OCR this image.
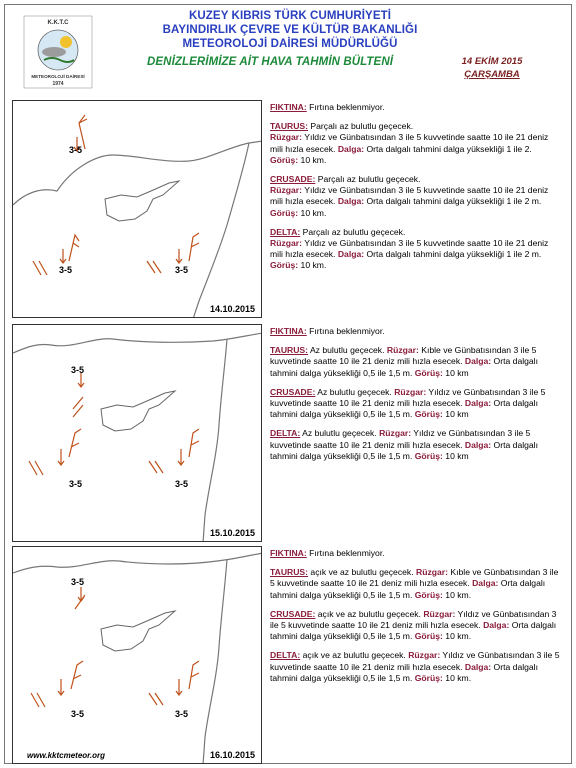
K.K.T.C
METEOROLOJİ DAİRESİ
1974
KUZEY KIBRIS TÜRK CUMHURİYETİ
BAYINDIRLIK ÇEVRE VE KÜLTÜR BAKANLIĞI
METEOROLOJİ DAİRESİ MÜDÜRLÜĞÜ
DENİZLERİMİZE AİT HAVA TAHMİN BÜLTENİ	14 EKİM 2015
ÇARŞAMBA
3-5
3-5	3-5
14.10.2015
3-5
3-5	3-5
15.10.2015
3-5
3-5	3-5
www.kktcmeteor.org	16.10.2015

FIKTINA: Fırtına beklenmiyor.

TAURUS: Parçalı az bulutlu geçecek.
Rüzgar: Yıldız ve Günbatısından 3 ile 5 kuvvetinde saatte 10 ile 21 deniz mili hızla esecek. Dalga: Orta dalgalı tahmini dalga yüksekliği 1 ile 2. Görüş: 10 km.

CRUSADE: Parçalı az bulutlu geçecek.
Rüzgar: Yıldız ve Günbatısından 3 ile 5 kuvvetinde saatte 10 ile 21 deniz mili hızla esecek. Dalga: Orta dalgalı tahmini dalga yüksekliği 1 ile 2 m. Görüş: 10 km.

DELTA: Parçalı az bulutlu geçecek.
Rüzgar: Yıldız ve Günbatısından 3 ile 5 kuvvetinde saatte 10 ile 21 deniz mili hızla esecek. Dalga: Orta dalgalı tahmini dalga yüksekliği 1 ile 2 m. Görüş: 10 km.

FIKTINA: Fırtına beklenmiyor.

TAURUS: Az bulutlu geçecek. Rüzgar: Kıble ve Günbatısından 3 ile 5 kuvvetinde saatte 10 ile 21 deniz mili hızla esecek. Dalga: Orta dalgalı tahmini dalga yüksekliği 0,5 ile 1,5 m. Görüş: 10 km

CRUSADE: Az bulutlu geçecek. Rüzgar: Yıldız ve Günbatısından 3 ile 5 kuvvetinde saatte 10 ile 21 deniz mili hızla esecek. Dalga: Orta dalgalı tahmini dalga yüksekliği 0,5 ile 1,5 m. Görüş: 10 km

DELTA: Az bulutlu geçecek. Rüzgar: Yıldız ve Günbatısından 3 ile 5 kuvvetinde saatte 10 ile 21 deniz mili hızla esecek. Dalga: Orta dalgalı tahmini dalga yüksekliği 0,5 ile 1,5 m. Görüş: 10 km

FIKTINA: Fırtına beklenmiyor.

TAURUS: açık ve az bulutlu geçecek. Rüzgar: Kıble ve Günbatısından 3 ile 5 kuvvetinde saatte 10 ile 21 deniz mili hızla esecek. Dalga: Orta dalgalı tahmini dalga yüksekliği 0,5 ile 1,5 m. Görüş: 10 km.

CRUSADE: açık ve az bulutlu geçecek. Rüzgar: Yıldız ve Günbatısından 3 ile 5 kuvvetinde saatte 10 ile 21 deniz mili hızla esecek. Dalga: Orta dalgalı tahmini dalga yüksekliği 0,5 ile 1,5 m. Görüş: 10 km.

DELTA: açık ve az bulutlu geçecek. Rüzgar: Yıldız ve Günbatısından 3 ile 5 kuvvetinde saatte 10 ile 21 deniz mili hızla esecek. Dalga: Orta dalgalı tahmini dalga yüksekliği 0,5 ile 1,5 m. Görüş: 10 km.
